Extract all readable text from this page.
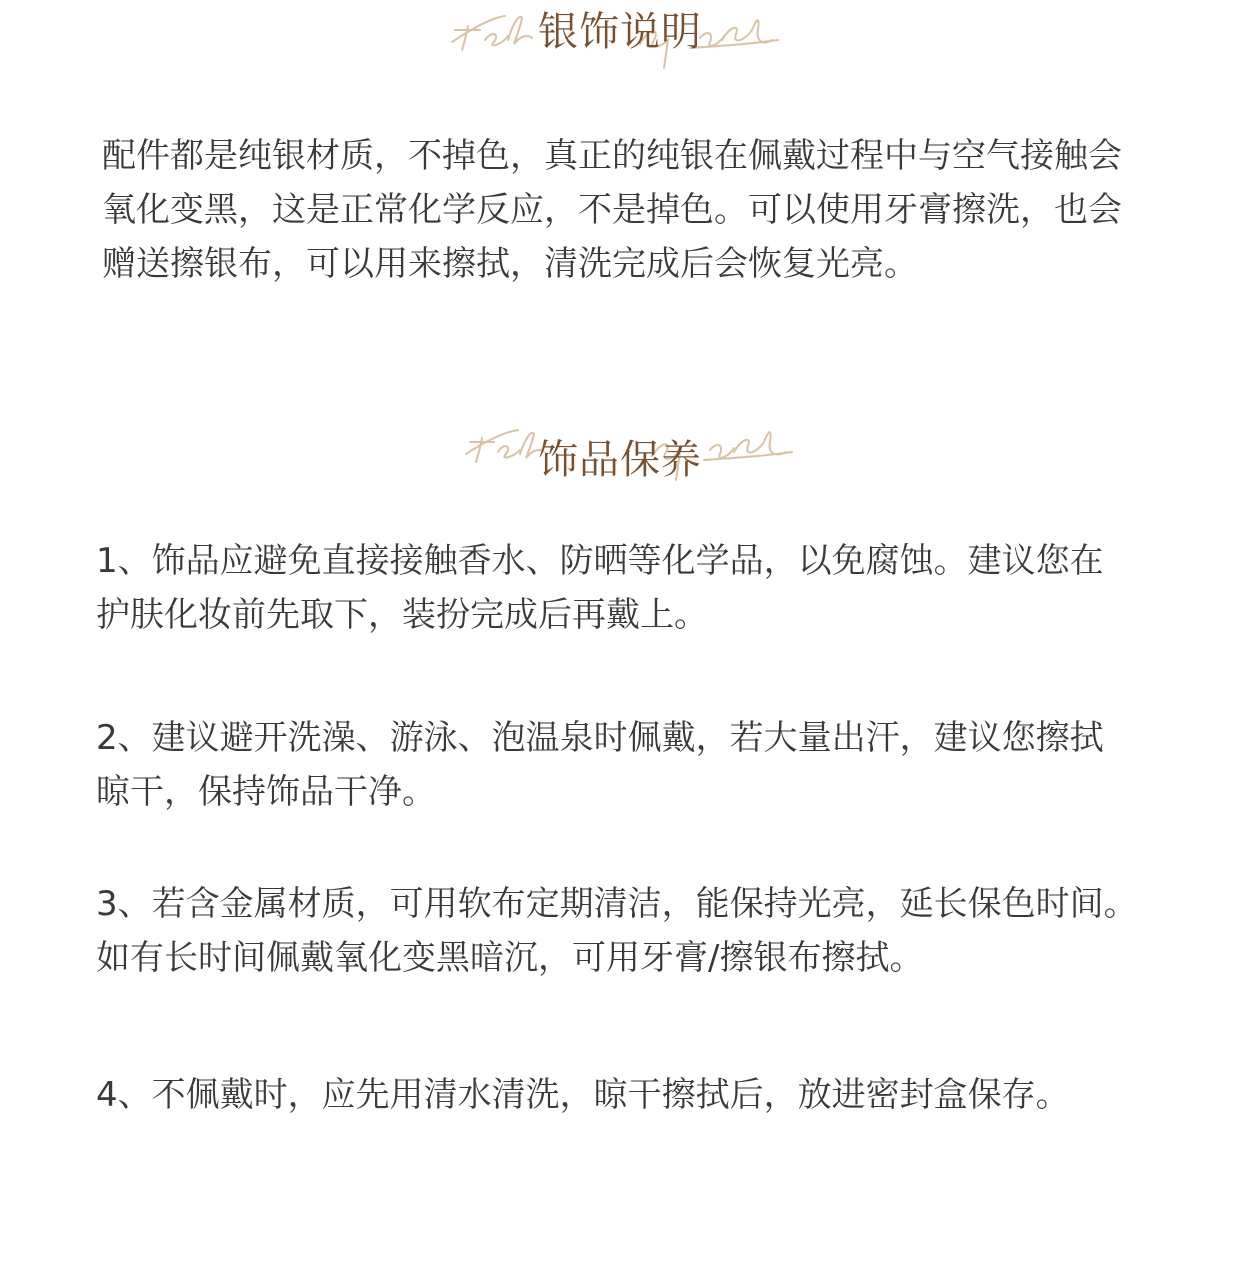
银饰说明

配件都是纯银材质，不掉色，真正的纯银在佩戴过程中与空气接触会

氧化变黑，这是正常化学反应，不是掉色。可以使用牙膏擦洗，也会

赠送擦银布，可以用来擦拭，清洗完成后会恢复光亮。

饰品保养

1、饰品应避免直接接触香水、防晒等化学品，以免腐蚀。建议您在

护肤化妆前先取下，装扮完成后再戴上。

2、建议避开洗澡、游泳、泡温泉时佩戴，若大量出汗，建议您擦拭

晾干，保持饰品干净。

3、若含金属材质，可用软布定期清洁，能保持光亮，延长保色时间。

如有长时间佩戴氧化变黑暗沉，可用牙膏/擦银布擦拭。

4、不佩戴时，应先用清水清洗，晾干擦拭后，放进密封盒保存。
